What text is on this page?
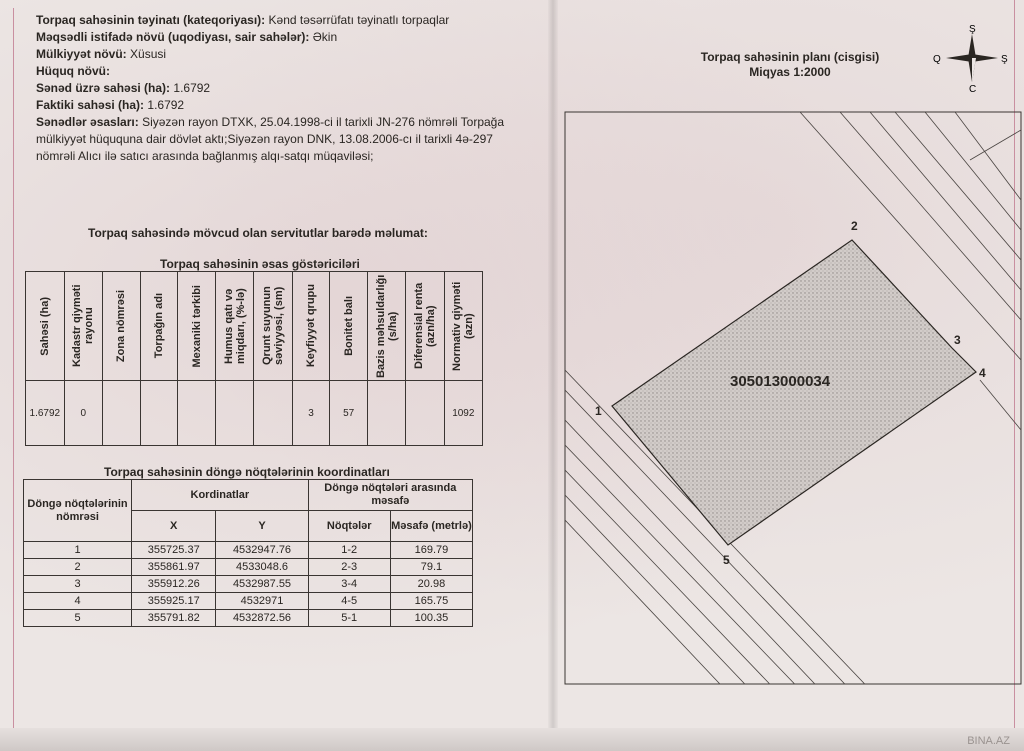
Torpaq sahəsinin təyinatı (kateqoriyası): Kənd təsərrüfatı təyinatlı torpaqlar
Məqsədli istifadə növü (uqodiyası, sair sahələr): Əkin
Mülkiyyət növü: Xüsusi
Hüquq növü:
Sənəd üzrə sahəsi (ha): 1.6792
Faktiki sahəsi (ha): 1.6792
Sənədlər əsasları: Siyəzən rayon DTXK, 25.04.1998-ci il tarixli JN-276 nömrəli Torpağa mülkiyyət hüququna dair dövlət aktı;Siyəzən rayon DNK, 13.08.2006-cı il tarixli 4ə-297 nömrəli Alıcı ilə satıcı arasında bağlanmış alqı-satqı müqaviləsi;
Torpaq sahəsində mövcud olan servitutlar barədə məlumat:
Torpaq sahəsinin əsas göstəriciləri
Sahəsi (ha)	Kadastr qiyməti rayonu	Zona nömrəsi	Torpağın adı	Mexaniki tərkibi	Humus qatı və miqdarı, (%-lə)	Qrunt suyunun səviyyəsi, (sm)	Keyfiyyət qrupu	Bonitet balı	Bazis məhsuldarlığı (s/ha)	Diferensial renta (azn/ha)	Normativ qiyməti (azn)

1.6792	0						3	57			1092
Torpaq sahəsinin döngə nöqtələrinin koordinatları
Döngə nöqtələrinin nömrəsi	Kordinatlar		Döngə nöqtələri arasında məsafə	
	X	Y	Nöqtələr	Məsafə (metrlə)
1	355725.37	4532947.76	1-2	169.79
2	355861.97	4533048.6	2-3	79.1
3	355912.26	4532987.55	3-4	20.98
4	355925.17	4532971	4-5	165.75
5	355791.82	4532872.56	5-1	100.35
Torpaq sahəsinin planı (cisgisi)
Miqyas 1:2000
Ş
C
Q	Ş
1
2
3
4
5
305013000034
BINA.AZ
